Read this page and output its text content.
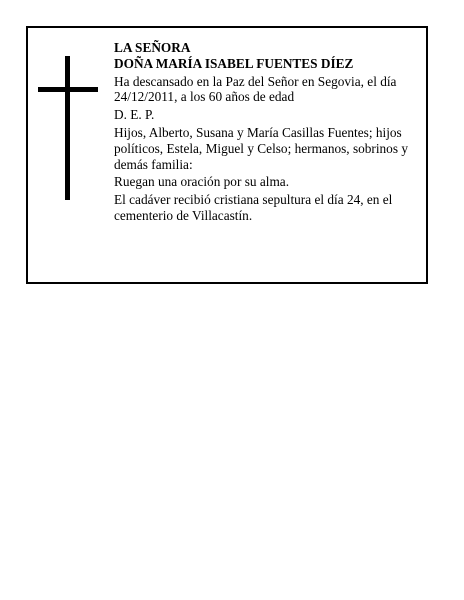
LA SEÑORA

DOÑA MARÍA ISABEL FUENTES DÍEZ

Ha descansado en la Paz del Señor en Segovia, el día 24/12/2011, a los 60 años de edad

D. E. P.

Hijos, Alberto, Susana y María Casillas Fuentes; hijos políticos, Estela, Miguel y Celso; hermanos, sobrinos y demás familia:

Ruegan una oración por su alma.

El cadáver recibió cristiana sepultura el día 24, en el cementerio de Villacastín.
